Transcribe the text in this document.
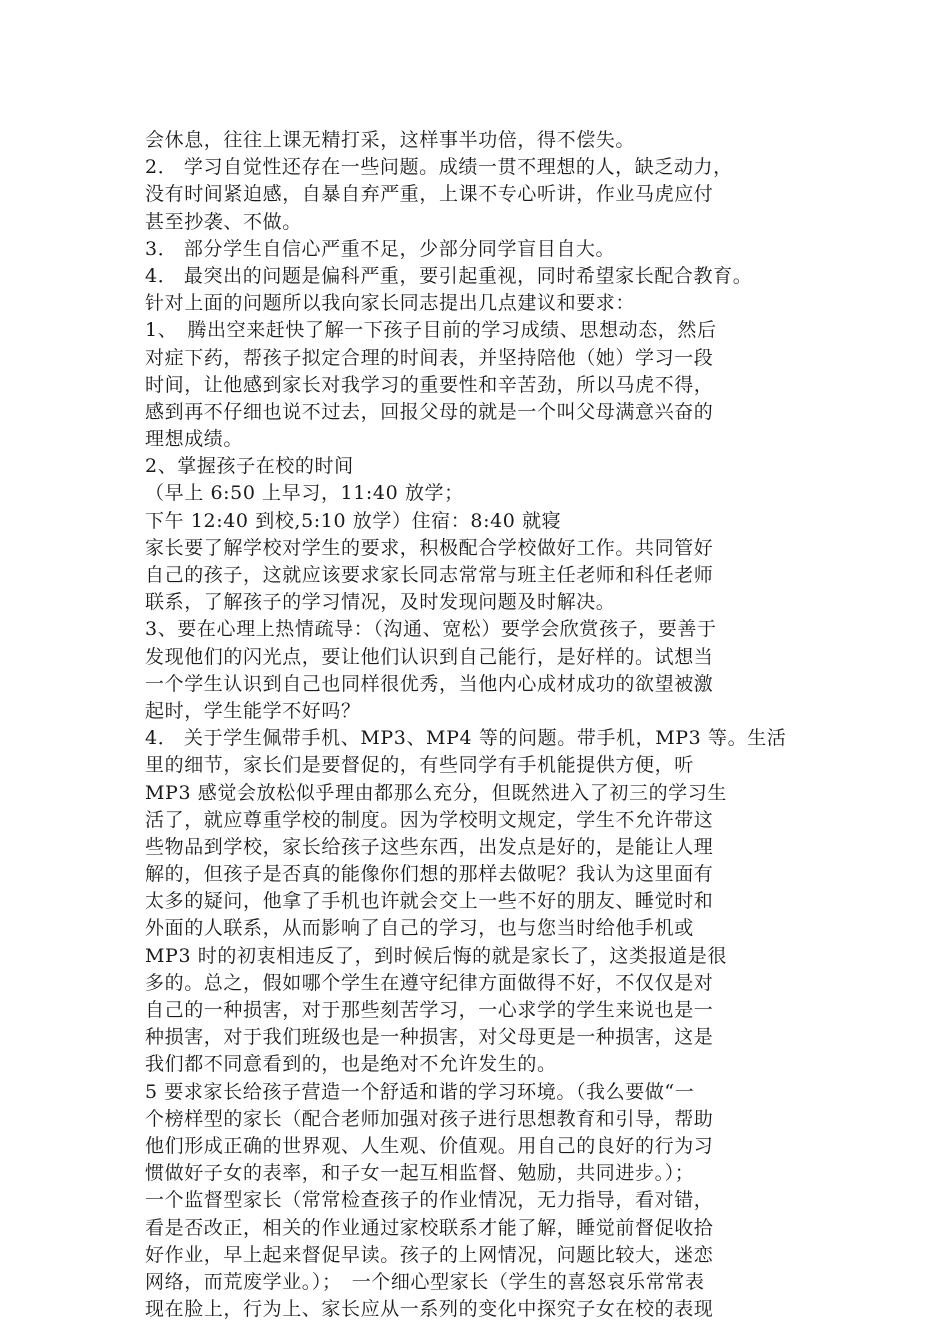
会休息，往往上课无精打采，这样事半功倍，得不偿失。
2． 学习自觉性还存在一些问题。成绩一贯不理想的人，缺乏动力，
没有时间紧迫感，自暴自弃严重，上课不专心听讲，作业马虎应付
甚至抄袭、不做。
3． 部分学生自信心严重不足，少部分同学盲目自大。
4． 最突出的问题是偏科严重，要引起重视，同时希望家长配合教育。
针对上面的问题所以我向家长同志提出几点建议和要求：
1、　腾出空来赶快了解一下孩子目前的学习成绩、思想动态，然后
对症下药，帮孩子拟定合理的时间表，并坚持陪他（她）学习一段
时间，让他感到家长对我学习的重要性和辛苦劲，所以马虎不得，
感到再不仔细也说不过去，回报父母的就是一个叫父母满意兴奋的
理想成绩。
2、掌握孩子在校的时间
（早上 6:50 上早习，11:40 放学；
下午 12:40 到校,5:10 放学）住宿：8:40 就寝
家长要了解学校对学生的要求，积极配合学校做好工作。共同管好
自己的孩子，这就应该要求家长同志常常与班主任老师和科任老师
联系，了解孩子的学习情况，及时发现问题及时解决。
3、要在心理上热情疏导：（沟通、宽松）要学会欣赏孩子，要善于
发现他们的闪光点，要让他们认识到自己能行，是好样的。试想当
一个学生认识到自己也同样很优秀，当他内心成材成功的欲望被激
起时，学生能学不好吗？
4． 关于学生佩带手机、MP3、MP4 等的问题。带手机，MP3 等。生活
里的细节，家长们是要督促的，有些同学有手机能提供方便，听
MP3 感觉会放松似乎理由都那么充分，但既然进入了初三的学习生
活了，就应尊重学校的制度。因为学校明文规定，学生不允许带这
些物品到学校，家长给孩子这些东西，出发点是好的，是能让人理
解的，但孩子是否真的能像你们想的那样去做呢？我认为这里面有
太多的疑问，他拿了手机也许就会交上一些不好的朋友、睡觉时和
外面的人联系，从而影响了自己的学习，也与您当时给他手机或
MP3 时的初衷相违反了，到时候后悔的就是家长了，这类报道是很
多的。总之，假如哪个学生在遵守纪律方面做得不好，不仅仅是对
自己的一种损害，对于那些刻苦学习，一心求学的学生来说也是一
种损害，对于我们班级也是一种损害，对父母更是一种损害，这是
我们都不同意看到的，也是绝对不允许发生的。
5 要求家长给孩子营造一个舒适和谐的学习环境。（我么要做“一
个榜样型的家长（配合老师加强对孩子进行思想教育和引导，帮助
他们形成正确的世界观、人生观、价值观。用自己的良好的行为习
惯做好子女的表率，和子女一起互相监督、勉励，共同进步。）；
一个监督型家长（常常检查孩子的作业情况，无力指导，看对错，
看是否改正，相关的作业通过家校联系才能了解，睡觉前督促收拾
好作业，早上起来督促早读。孩子的上网情况，问题比较大，迷恋
网络，而荒废学业。）；　一个细心型家长（学生的喜怒哀乐常常表
现在脸上，行为上、家长应从一系列的变化中探究子女在校的表现
